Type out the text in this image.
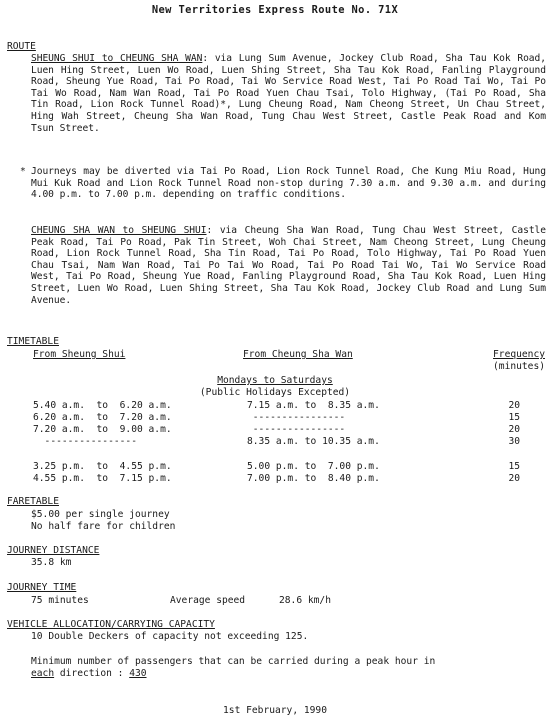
New Territories Express Route No. 71X
ROUTE
SHEUNG SHUI to CHEUNG SHA WAN: via Lung Sum Avenue, Jockey Club Road, Sha Tau Kok Road, Luen Hing Street, Luen Wo Road, Luen Shing Street, Sha Tau Kok Road, Fanling Playground Road, Sheung Yue Road, Tai Po Road, Tai Wo Service Road West, Tai Po Road Tai Wo, Tai Po Tai Wo Road, Nam Wan Road, Tai Po Road Yuen Chau Tsai, Tolo Highway, (Tai Po Road, Sha Tin Road, Lion Rock Tunnel Road)*, Lung Cheung Road, Nam Cheong Street, Un Chau Street, Hing Wah Street, Cheung Sha Wan Road, Tung Chau West Street, Castle Peak Road and Kom Tsun Street.
* Journeys may be diverted via Tai Po Road, Lion Rock Tunnel Road, Che Kung Miu Road, Hung Mui Kuk Road and Lion Rock Tunnel Road non-stop during 7.30 a.m. and 9.30 a.m. and during 4.00 p.m. to 7.00 p.m. depending on traffic conditions.
CHEUNG SHA WAN to SHEUNG SHUI: via Cheung Sha Wan Road, Tung Chau West Street, Castle Peak Road, Tai Po Road, Pak Tin Street, Woh Chai Street, Nam Cheong Street, Lung Cheung Road, Lion Rock Tunnel Road, Sha Tin Road, Tai Po Road, Tolo Highway, Tai Po Road Yuen Chau Tsai, Nam Wan Road, Tai Po Tai Wo Road, Tai Po Road Tai Wo, Tai Wo Service Road West, Tai Po Road, Sheung Yue Road, Fanling Playground Road, Sha Tau Kok Road, Luen Hing Street, Luen Wo Road, Luen Shing Street, Sha Tau Kok Road, Jockey Club Road and Lung Sum Avenue.
TIMETABLE
From Sheung Shui	From Cheung Sha Wan	Frequency
(minutes)
Mondays to Saturdays
(Public Holidays Excepted)
5.40 a.m.  to  6.20 a.m.	7.15 a.m. to  8.35 a.m.	20
6.20 a.m.  to  7.20 a.m.	----------------	15
7.20 a.m.  to  9.00 a.m.	----------------	20
----------------	8.35 a.m. to 10.35 a.m.	30
3.25 p.m.  to  4.55 p.m.	5.00 p.m. to  7.00 p.m.	15
4.55 p.m.  to  7.15 p.m.	7.00 p.m. to  8.40 p.m.	20
FARETABLE
$5.00 per single journey
No half fare for children
JOURNEY DISTANCE
35.8 km
JOURNEY TIME
75 minutes	Average speed	28.6 km/h
VEHICLE ALLOCATION/CARRYING CAPACITY
10 Double Deckers of capacity not exceeding 125.
Minimum number of passengers that can be carried during a peak hour in
each direction : 430
1st February, 1990
